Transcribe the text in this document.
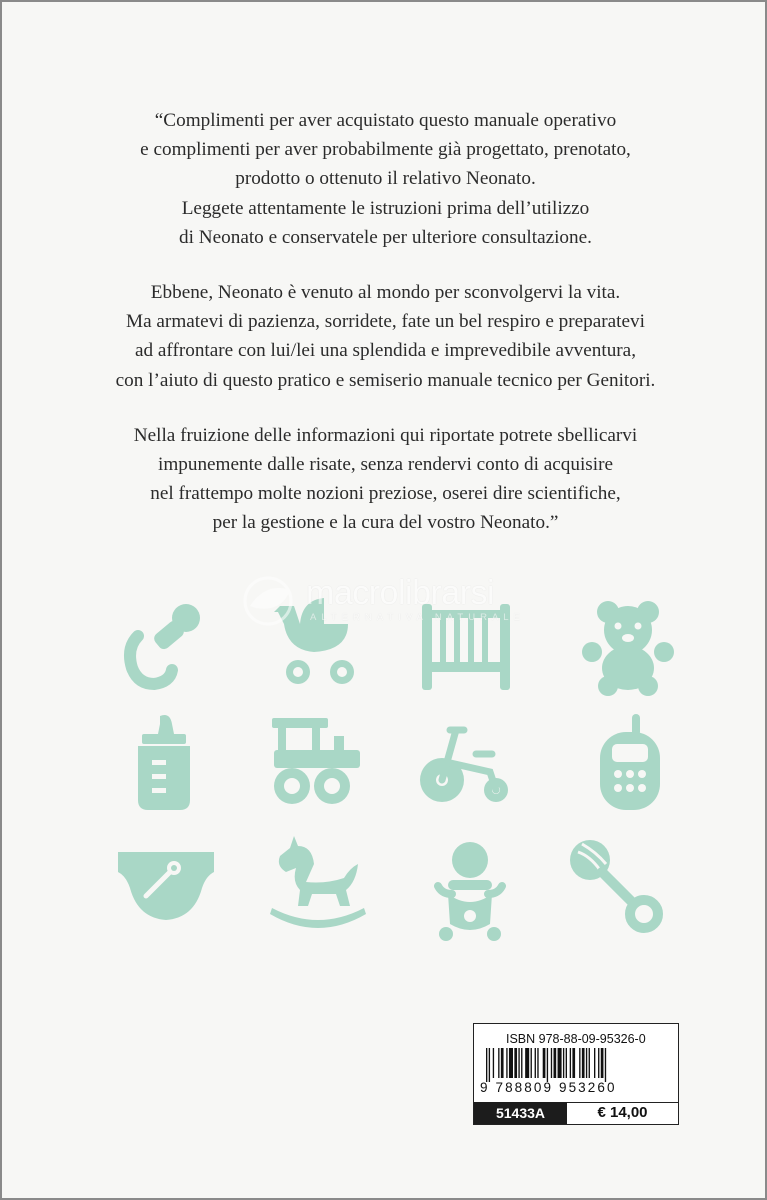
“Complimenti per aver acquistato questo manuale operativo
e complimenti per aver probabilmente già progettato, prenotato,
prodotto o ottenuto il relativo Neonato.
Leggete attentamente le istruzioni prima dell’utilizzo
di Neonato e conservatele per ulteriore consultazione.

Ebbene, Neonato è venuto al mondo per sconvolgervi la vita.
Ma armatevi di pazienza, sorridete, fate un bel respiro e preparatevi
ad affrontare con lui/lei una splendida e imprevedibile avventura,
con l’aiuto di questo pratico e semiserio manuale tecnico per Genitori.

Nella fruizione delle informazioni qui riportate potrete sbellicarvi
impunemente dalle risate, senza rendervi conto di acquisire
nel frattempo molte nozioni preziose, oserei dire scientifiche,
per la gestione e la cura del vostro Neonato.”

macrolibrarsi
ALTERNATIVA NATURALE
ISBN 978-88-09-95326-0
9 788809 953260
51433A	€ 14,00
